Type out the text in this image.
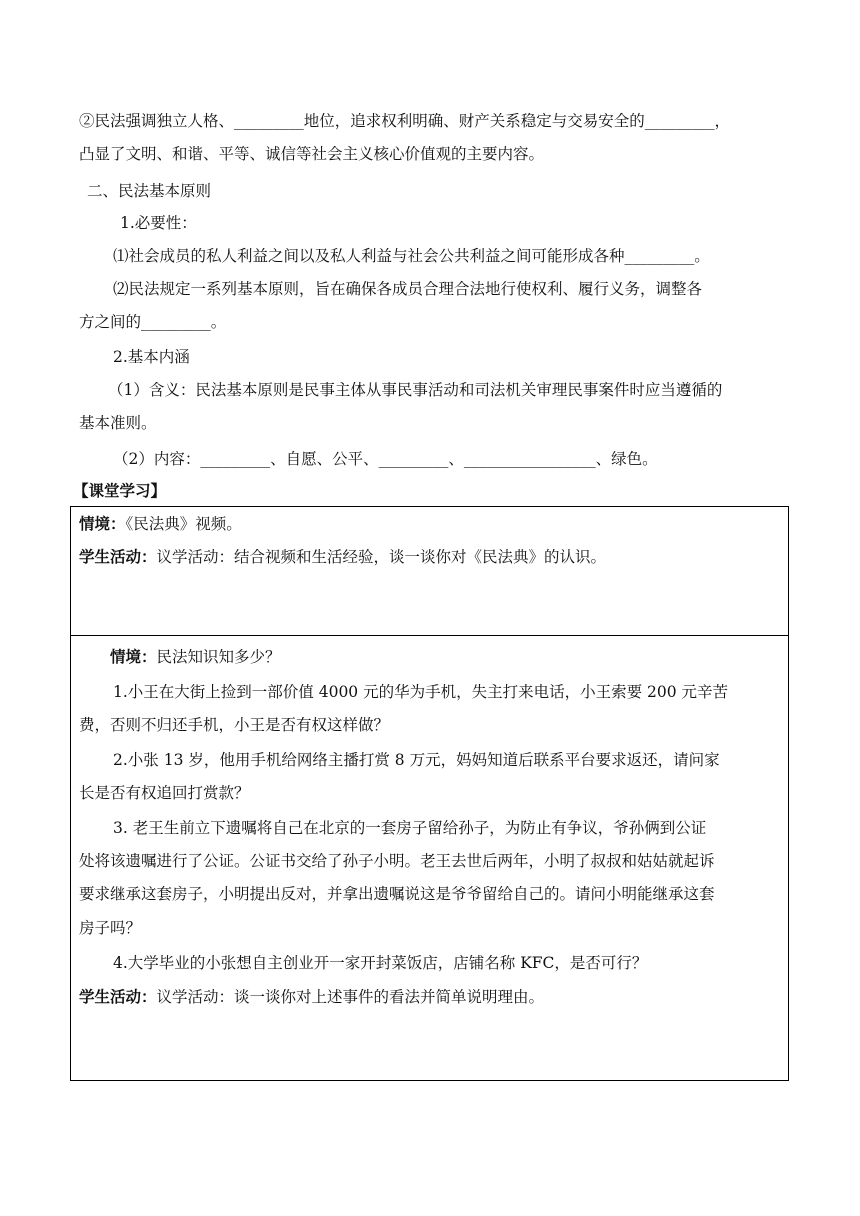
②民法强调独立人格、_________地位，追求权利明确、财产关系稳定与交易安全的_________，
凸显了文明、和谐、平等、诚信等社会主义核心价值观的主要内容。
二、民法基本原则
1.必要性：
⑴社会成员的私人利益之间以及私人利益与社会公共利益之间可能形成各种_________。
⑵民法规定一系列基本原则，旨在确保各成员合理合法地行使权利、履行义务，调整各
方之间的_________。
2.基本内涵
（1）含义：民法基本原则是民事主体从事民事活动和司法机关审理民事案件时应当遵循的
基本准则。
（2）内容：_________、自愿、公平、_________、_________________、绿色。
【课堂学习】
情境：《民法典》视频。
学生活动：议学活动：结合视频和生活经验，谈一谈你对《民法典》的认识。
情境：民法知识知多少？
1.小王在大街上捡到一部价值 4000 元的华为手机，失主打来电话，小王索要 200 元辛苦
费，否则不归还手机，小王是否有权这样做？
2.小张 13 岁，他用手机给网络主播打赏 8 万元，妈妈知道后联系平台要求返还，请问家
长是否有权追回打赏款？
3. 老王生前立下遗嘱将自己在北京的一套房子留给孙子，为防止有争议，爷孙俩到公证
处将该遗嘱进行了公证。公证书交给了孙子小明。老王去世后两年，小明了叔叔和姑姑就起诉
要求继承这套房子，小明提出反对，并拿出遗嘱说这是爷爷留给自己的。请问小明能继承这套
房子吗？
4.大学毕业的小张想自主创业开一家开封菜饭店，店铺名称 KFC，是否可行？
学生活动：议学活动：谈一谈你对上述事件的看法并简单说明理由。
